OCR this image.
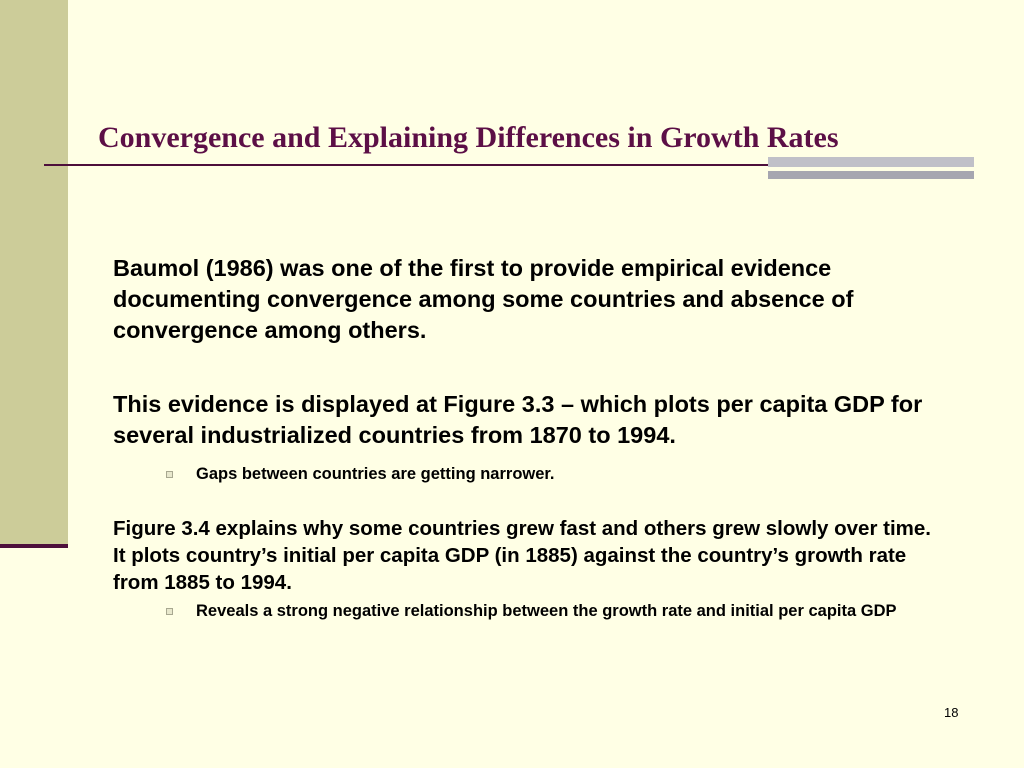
Convergence and Explaining Differences in Growth Rates

Baumol (1986) was one of the first to provide empirical evidence documenting convergence among some countries and absence of convergence among others.

This evidence is displayed at Figure 3.3 – which plots per capita GDP for several industrialized countries from 1870 to 1994.

Gaps between countries are getting narrower.

Figure 3.4 explains why some countries grew fast and others grew slowly over time. It plots country’s initial per capita GDP (in 1885) against the country’s growth rate from 1885 to 1994.

Reveals a strong negative relationship between the growth rate and initial per capita GDP
18
